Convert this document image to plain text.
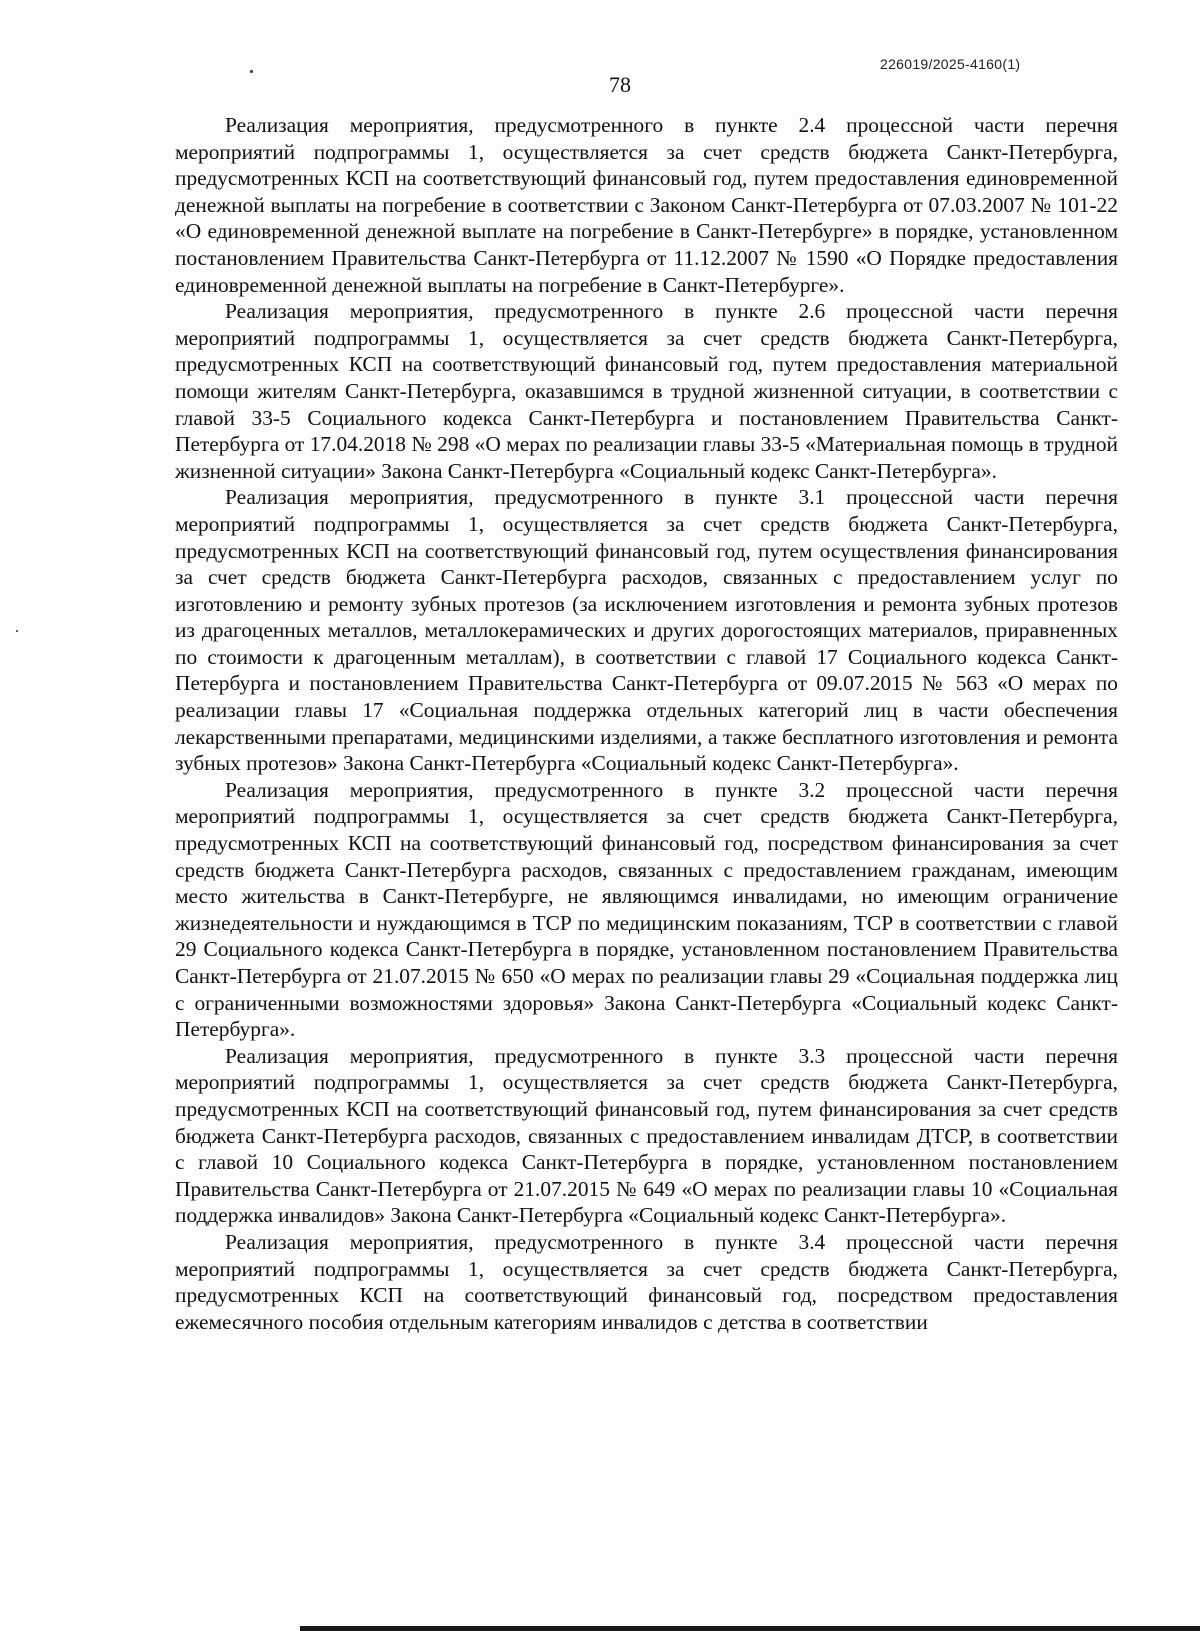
226019/2025-4160(1)
78

Реализация мероприятия, предусмотренного в пункте 2.4 процессной части перечня мероприятий подпрограммы 1, осуществляется за счет средств бюджета Санкт-Петербурга, предусмотренных КСП на соответствующий финансовый год, путем предоставления единовременной денежной выплаты на погребение в соответствии с Законом Санкт-Петербурга от 07.03.2007 № 101-22 «О единовременной денежной выплате на погребение в Санкт-Петербурге» в порядке, установленном постановлением Правительства Санкт-Петербурга от 11.12.2007 № 1590 «О Порядке предоставления единовременной денежной выплаты на погребение в Санкт-Петербурге».

Реализация мероприятия, предусмотренного в пункте 2.6 процессной части перечня мероприятий подпрограммы 1, осуществляется за счет средств бюджета Санкт-Петербурга, предусмотренных КСП на соответствующий финансовый год, путем предоставления материальной помощи жителям Санкт-Петербурга, оказавшимся в трудной жизненной ситуации, в соответствии с главой 33-5 Социального кодекса Санкт-Петербурга и постановлением Правительства Санкт-Петербурга от 17.04.2018 № 298 «О мерах по реализации главы 33-5 «Материальная помощь в трудной жизненной ситуации» Закона Санкт-Петербурга «Социальный кодекс Санкт-Петербурга».

Реализация мероприятия, предусмотренного в пункте 3.1 процессной части перечня мероприятий подпрограммы 1, осуществляется за счет средств бюджета Санкт-Петербурга, предусмотренных КСП на соответствующий финансовый год, путем осуществления финансирования за счет средств бюджета Санкт-Петербурга расходов, связанных с предоставлением услуг по изготовлению и ремонту зубных протезов (за исключением изготовления и ремонта зубных протезов из драгоценных металлов, металлокерамических и других дорогостоящих материалов, приравненных по стоимости к драгоценным металлам), в соответствии с главой 17 Социального кодекса Санкт-Петербурга и постановлением Правительства Санкт-Петербурга от 09.07.2015 № 563 «О мерах по реализации главы 17 «Социальная поддержка отдельных категорий лиц в части обеспечения лекарственными препаратами, медицинскими изделиями, а также бесплатного изготовления и ремонта зубных протезов» Закона Санкт-Петербурга «Социальный кодекс Санкт-Петербурга».

Реализация мероприятия, предусмотренного в пункте 3.2 процессной части перечня мероприятий подпрограммы 1, осуществляется за счет средств бюджета Санкт-Петербурга, предусмотренных КСП на соответствующий финансовый год, посредством финансирования за счет средств бюджета Санкт-Петербурга расходов, связанных с предоставлением гражданам, имеющим место жительства в Санкт-Петербурге, не являющимся инвалидами, но имеющим ограничение жизнедеятельности и нуждающимся в ТСР по медицинским показаниям, ТСР в соответствии с главой 29 Социального кодекса Санкт-Петербурга в порядке, установленном постановлением Правительства Санкт-Петербурга от 21.07.2015 № 650 «О мерах по реализации главы 29 «Социальная поддержка лиц с ограниченными возможностями здоровья» Закона Санкт-Петербурга «Социальный кодекс Санкт-Петербурга».

Реализация мероприятия, предусмотренного в пункте 3.3 процессной части перечня мероприятий подпрограммы 1, осуществляется за счет средств бюджета Санкт-Петербурга, предусмотренных КСП на соответствующий финансовый год, путем финансирования за счет средств бюджета Санкт-Петербурга расходов, связанных с предоставлением инвалидам ДТСР, в соответствии с главой 10 Социального кодекса Санкт-Петербурга в порядке, установленном постановлением Правительства Санкт-Петербурга от 21.07.2015 № 649 «О мерах по реализации главы 10 «Социальная поддержка инвалидов» Закона Санкт-Петербурга «Социальный кодекс Санкт-Петербурга».

Реализация мероприятия, предусмотренного в пункте 3.4 процессной части перечня мероприятий подпрограммы 1, осуществляется за счет средств бюджета Санкт-Петербурга, предусмотренных КСП на соответствующий финансовый год, посредством предоставления ежемесячного пособия отдельным категориям инвалидов с детства в соответствии
